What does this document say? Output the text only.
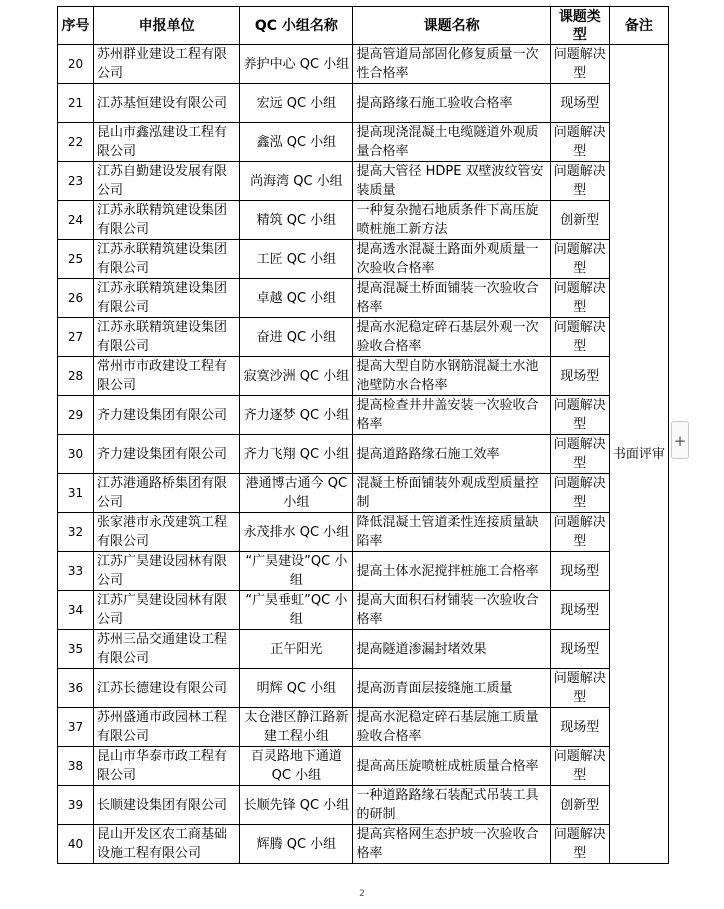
序号	申报单位	QC 小组名称	课题名称	课题类型	备注
20	苏州群业建设工程有限公司	养护中心 QC 小组	提高管道局部固化修复质量一次性合格率	问题解决型	书面评审
21	江苏基恒建设有限公司	宏远 QC 小组	提高路缘石施工验收合格率	现场型	
22	昆山市鑫泓建设工程有限公司	鑫泓 QC 小组	提高现浇混凝土电缆隧道外观质量合格率	问题解决型	
23	江苏自勤建设发展有限公司	尚海湾 QC 小组	提高大管径 HDPE 双壁波纹管安装质量	问题解决型	
24	江苏永联精筑建设集团有限公司	精筑 QC 小组	一种复杂抛石地质条件下高压旋喷桩施工新方法	创新型	
25	江苏永联精筑建设集团有限公司	工匠 QC 小组	提高透水混凝土路面外观质量一次验收合格率	问题解决型	
26	江苏永联精筑建设集团有限公司	卓越 QC 小组	提高混凝土桥面铺装一次验收合格率	问题解决型	
27	江苏永联精筑建设集团有限公司	奋进 QC 小组	提高水泥稳定碎石基层外观一次验收合格率	问题解决型	
28	常州市市政建设工程有限公司	寂寞沙洲 QC 小组	提高大型自防水钢筋混凝土水池池壁防水合格率	现场型	
29	齐力建设集团有限公司	齐力逐梦 QC 小组	提高检查井井盖安装一次验收合格率	问题解决型	
30	齐力建设集团有限公司	齐力飞翔 QC 小组	提高道路路缘石施工效率	问题解决型	
31	江苏港通路桥集团有限公司	港通博古通今 QC 小组	混凝土桥面铺装外观成型质量控制	问题解决型	
32	张家港市永茂建筑工程有限公司	永茂排水 QC 小组	降低混凝土管道柔性连接质量缺陷率	问题解决型	
33	江苏广昊建设园林有限公司	“广昊建设”QC 小组	提高土体水泥搅拌桩施工合格率	现场型	
34	江苏广昊建设园林有限公司	“广昊垂虹”QC 小组	提高大面积石材铺装一次验收合格率	现场型	
35	苏州三品交通建设工程有限公司	正午阳光	提高隧道渗漏封堵效果	现场型	
36	江苏长德建设有限公司	明辉 QC 小组	提高沥青面层接缝施工质量	问题解决型	
37	苏州盛通市政园林工程有限公司	太仓港区静江路新建工程小组	提高水泥稳定碎石基层施工质量验收合格率	现场型	
38	昆山市华泰市政工程有限公司	百灵路地下通道 QC 小组	提高高压旋喷桩成桩质量合格率	问题解决型	
39	长顺建设集团有限公司	长顺先锋 QC 小组	一种道路路缘石装配式吊装工具的研制	创新型	
40	昆山开发区农工商基础设施工程有限公司	辉腾 QC 小组	提高宾格网生态护坡一次验收合格率	问题解决型	
+
2
